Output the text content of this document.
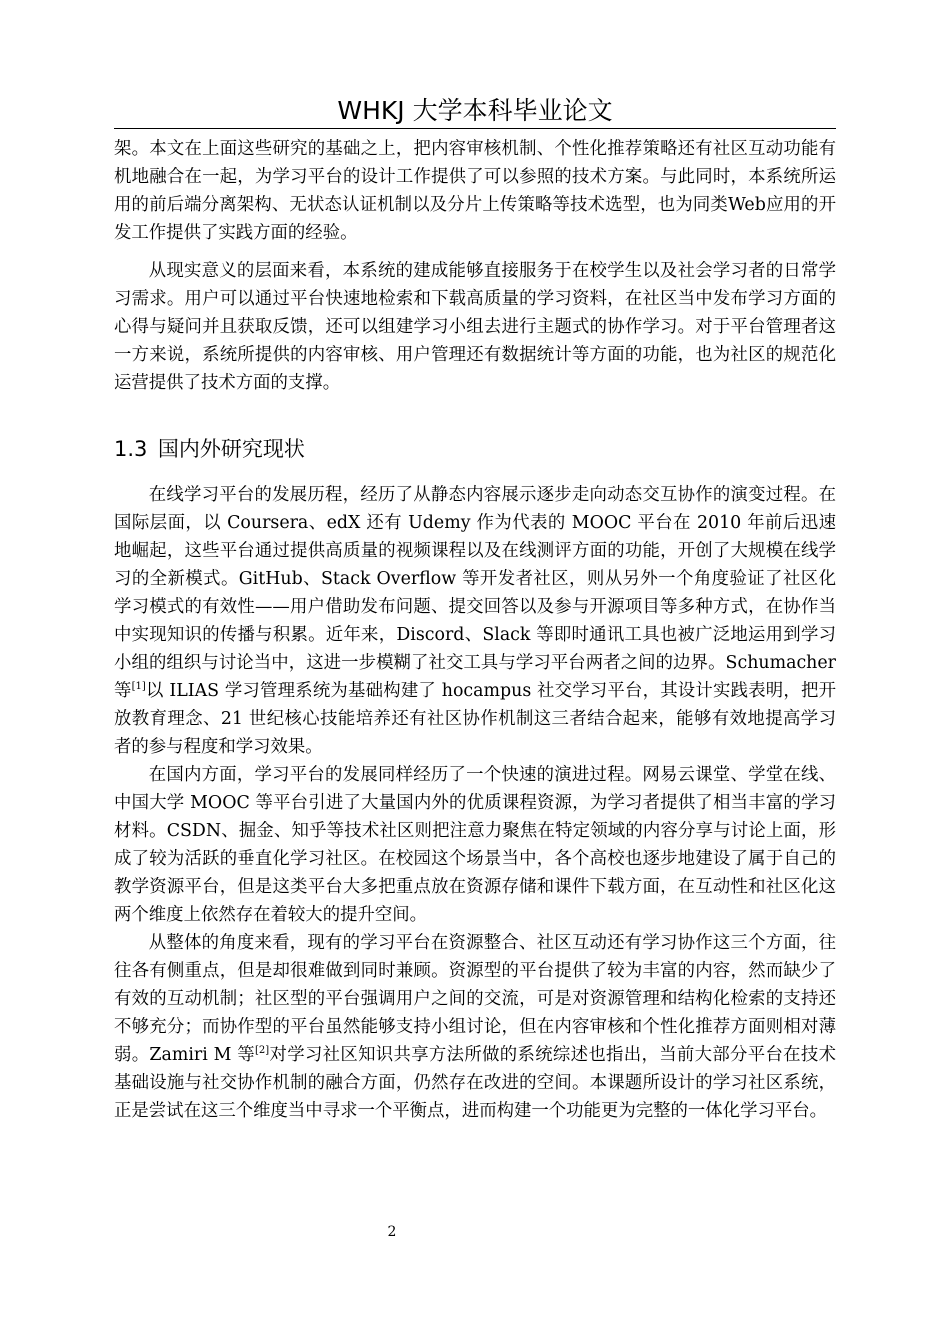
WHKJ 大学本科毕业论文

架。本文在上面这些研究的基础之上，把内容审核机制、个性化推荐策略还有社区互动功能有机地融合在一起，为学习平台的设计工作提供了可以参照的技术方案。与此同时，本系统所运用的前后端分离架构、无状态认证机制以及分片上传策略等技术选型，也为同类Web应用的开发工作提供了实践方面的经验。

从现实意义的层面来看，本系统的建成能够直接服务于在校学生以及社会学习者的日常学习需求。用户可以通过平台快速地检索和下载高质量的学习资料，在社区当中发布学习方面的心得与疑问并且获取反馈，还可以组建学习小组去进行主题式的协作学习。对于平台管理者这一方来说，系统所提供的内容审核、用户管理还有数据统计等方面的功能，也为社区的规范化运营提供了技术方面的支撑。

1.3  国内外研究现状

在线学习平台的发展历程，经历了从静态内容展示逐步走向动态交互协作的演变过程。在国际层面，以 Coursera、edX 还有 Udemy 作为代表的 MOOC 平台在 2010 年前后迅速地崛起，这些平台通过提供高质量的视频课程以及在线测评方面的功能，开创了大规模在线学习的全新模式。GitHub、Stack Overflow 等开发者社区，则从另外一个角度验证了社区化学习模式的有效性——用户借助发布问题、提交回答以及参与开源项目等多种方式，在协作当中实现知识的传播与积累。近年来，Discord、Slack 等即时通讯工具也被广泛地运用到学习小组的组织与讨论当中，这进一步模糊了社交工具与学习平台两者之间的边界。Schumacher 等[1]以 ILIAS 学习管理系统为基础构建了 hocampus 社交学习平台，其设计实践表明，把开放教育理念、21 世纪核心技能培养还有社区协作机制这三者结合起来，能够有效地提高学习者的参与程度和学习效果。

在国内方面，学习平台的发展同样经历了一个快速的演进过程。网易云课堂、学堂在线、中国大学 MOOC 等平台引进了大量国内外的优质课程资源，为学习者提供了相当丰富的学习材料。CSDN、掘金、知乎等技术社区则把注意力聚焦在特定领域的内容分享与讨论上面，形成了较为活跃的垂直化学习社区。在校园这个场景当中，各个高校也逐步地建设了属于自己的教学资源平台，但是这类平台大多把重点放在资源存储和课件下载方面，在互动性和社区化这两个维度上依然存在着较大的提升空间。

从整体的角度来看，现有的学习平台在资源整合、社区互动还有学习协作这三个方面，往往各有侧重点，但是却很难做到同时兼顾。资源型的平台提供了较为丰富的内容，然而缺少了有效的互动机制；社区型的平台强调用户之间的交流，可是对资源管理和结构化检索的支持还不够充分；而协作型的平台虽然能够支持小组讨论，但在内容审核和个性化推荐方面则相对薄弱。Zamiri M 等[2]对学习社区知识共享方法所做的系统综述也指出，当前大部分平台在技术基础设施与社交协作机制的融合方面，仍然存在改进的空间。本课题所设计的学习社区系统，正是尝试在这三个维度当中寻求一个平衡点，进而构建一个功能更为完整的一体化学习平台。

2
